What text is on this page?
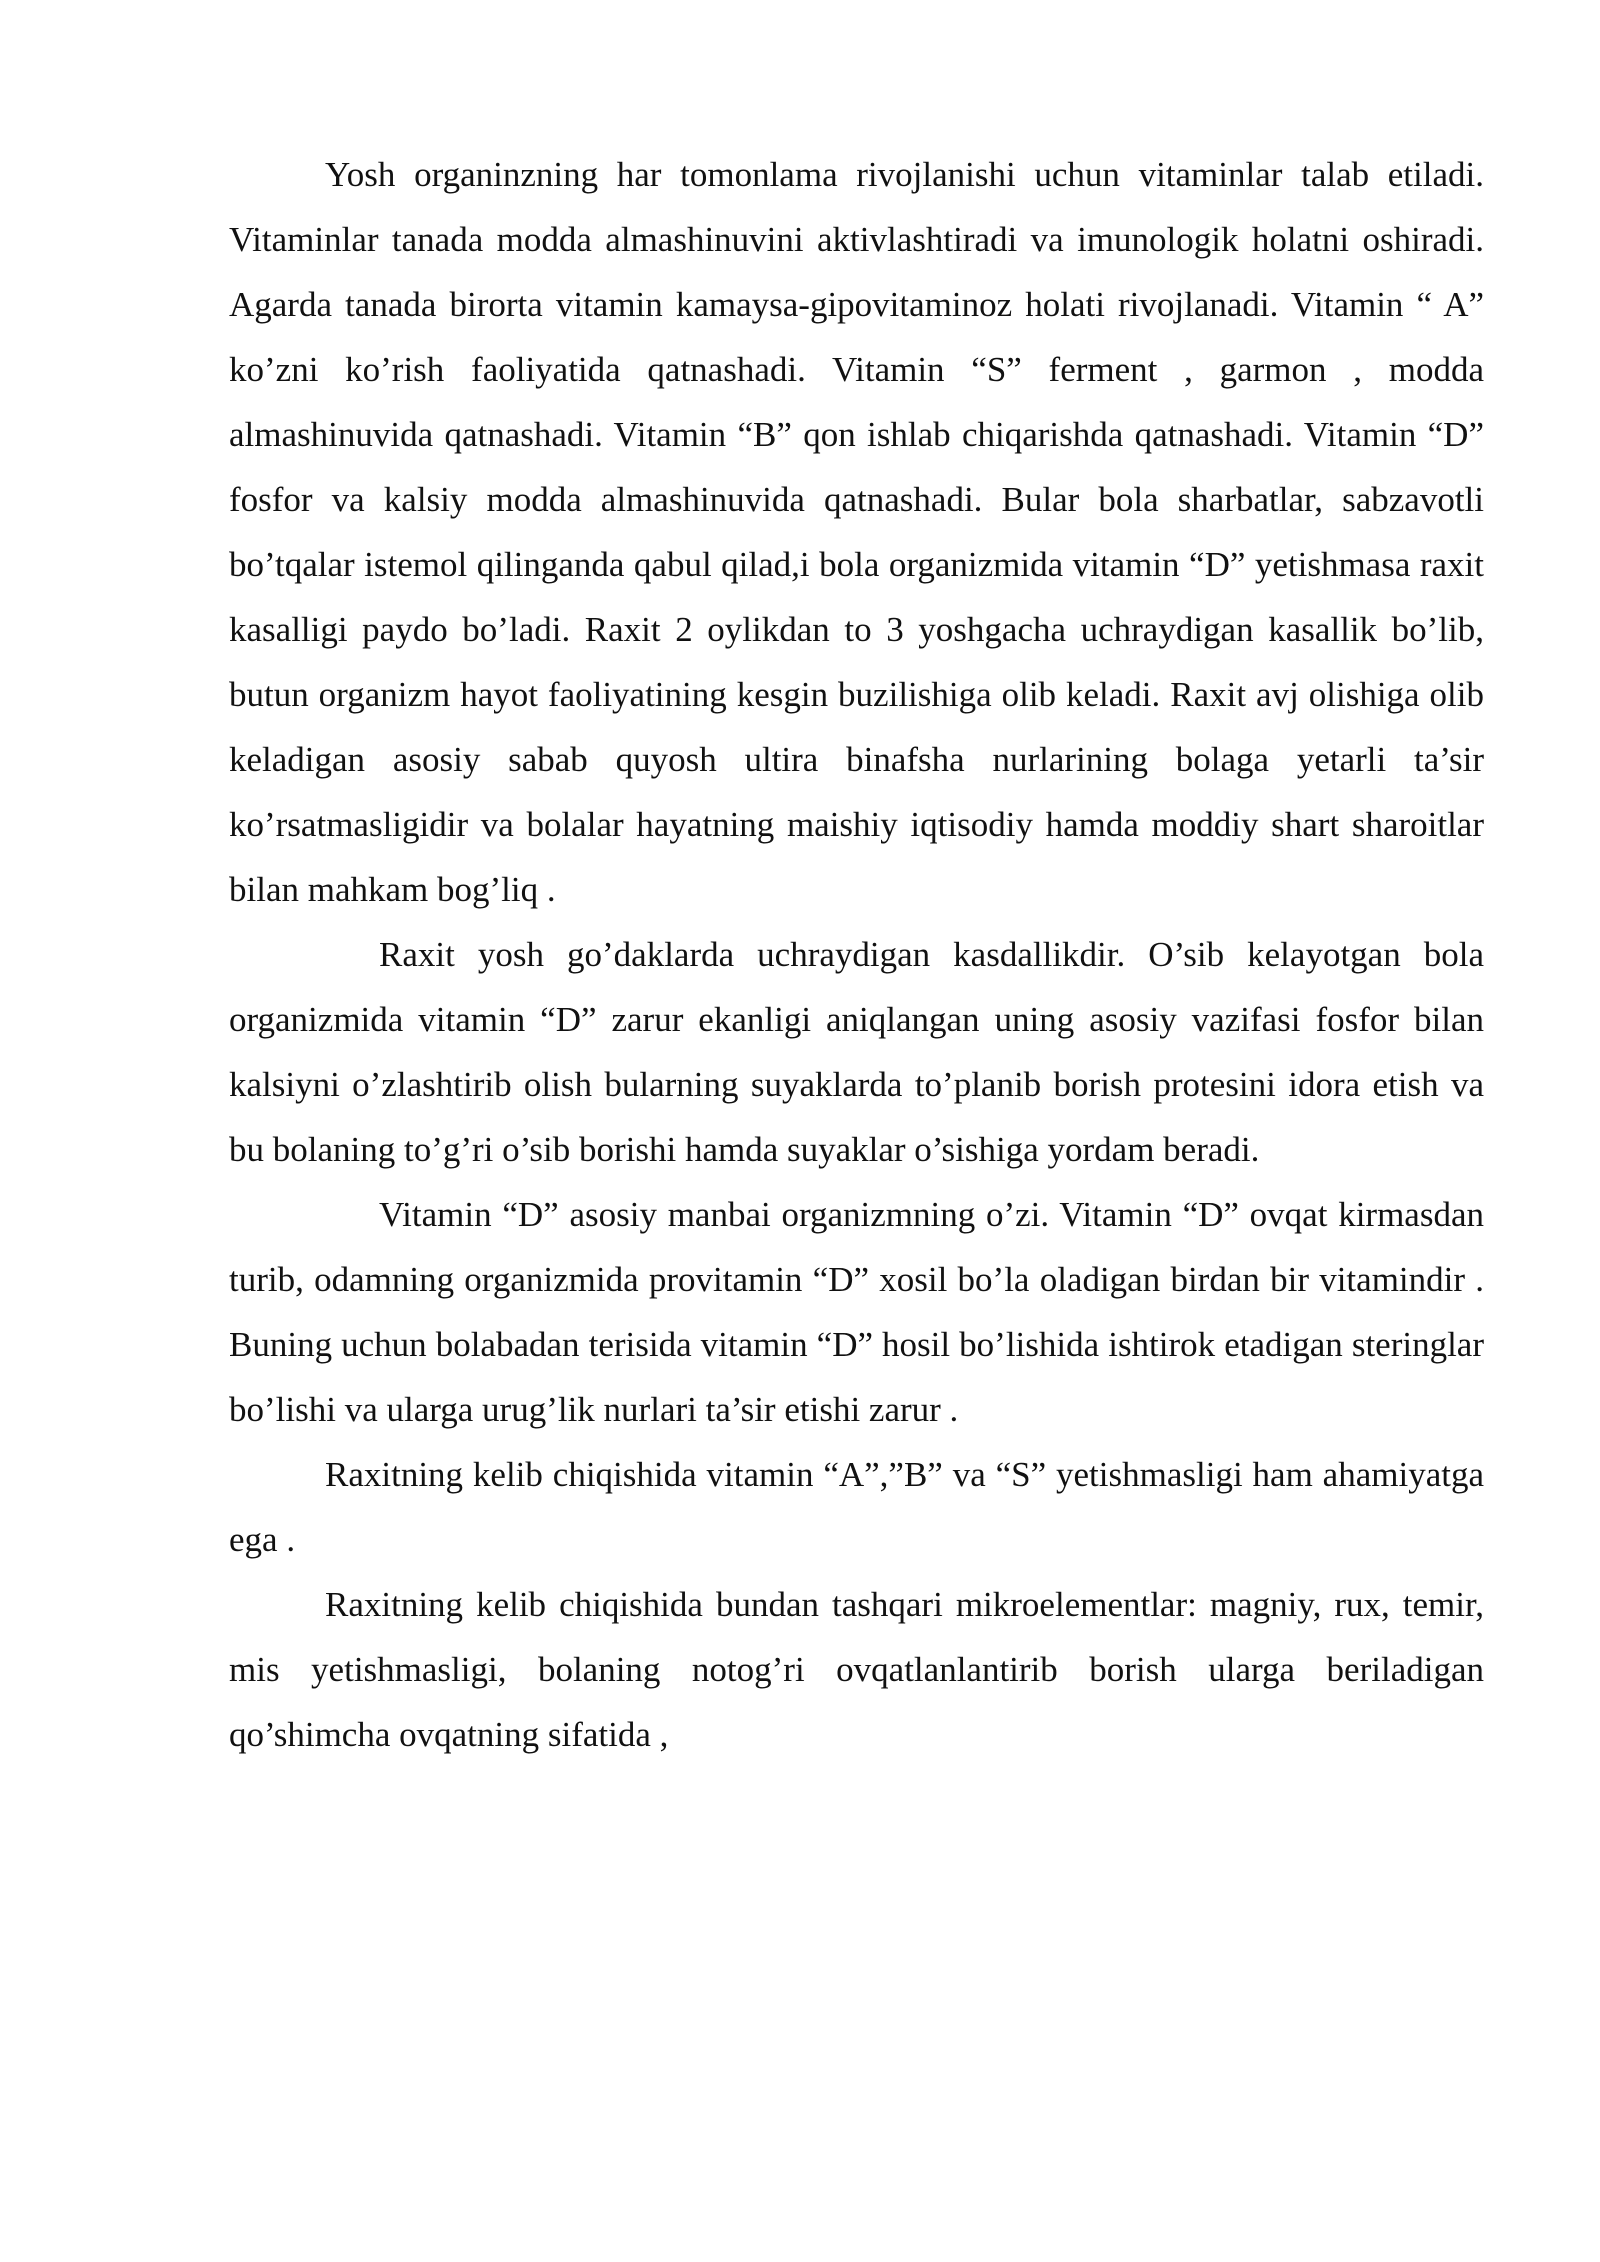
Yosh organinzning har tomonlama rivojlanishi uchun vitaminlar talab etiladi. Vitaminlar tanada modda almashinuvini aktivlashtiradi va imunologik holatni oshiradi. Agarda tanada birorta vitamin kamaysa-gipovitaminoz holati rivojlanadi. Vitamin “ A” ko’zni ko’rish faoliyatida qatnashadi. Vitamin “S” ferment , garmon , modda almashinuvida qatnashadi. Vitamin “B” qon ishlab chiqarishda qatnashadi. Vitamin “D” fosfor va kalsiy modda almashinuvida qatnashadi. Bular bola sharbatlar, sabzavotli bo’tqalar istemol qilinganda qabul qilad,i bola organizmida vitamin “D” yetishmasa raxit kasalligi paydo bo’ladi. Raxit 2 oylikdan to 3 yoshgacha uchraydigan kasallik bo’lib, butun organizm hayot faoliyatining kesgin buzilishiga olib keladi. Raxit avj olishiga olib keladigan asosiy sabab quyosh ultira binafsha nurlarining bolaga yetarli ta’sir ko’rsatmasligidir va bolalar hayatning maishiy iqtisodiy hamda moddiy shart sharoitlar bilan mahkam bog’liq .

Raxit yosh go’daklarda uchraydigan kasdallikdir. O’sib kelayotgan bola organizmida vitamin “D” zarur ekanligi aniqlangan uning asosiy vazifasi fosfor bilan kalsiyni o’zlashtirib olish bularning suyaklarda to’planib borish protesini idora etish va bu bolaning to’g’ri o’sib borishi hamda suyaklar o’sishiga yordam beradi.

Vitamin “D” asosiy manbai organizmning o’zi. Vitamin “D” ovqat kirmasdan turib, odamning organizmida provitamin “D” xosil bo’la oladigan birdan bir vitamindir . Buning uchun bolabadan terisida vitamin “D” hosil bo’lishida ishtirok etadigan steringlar bo’lishi va ularga urug’lik nurlari ta’sir etishi zarur .

Raxitning kelib chiqishida vitamin “A”,”B” va “S” yetishmasligi ham ahamiyatga ega .

Raxitning kelib chiqishida bundan tashqari mikroelementlar: magniy, rux, temir, mis yetishmasligi, bolaning notog’ri ovqatlanlantirib borish ularga beriladigan qo’shimcha ovqatning sifatida ,
